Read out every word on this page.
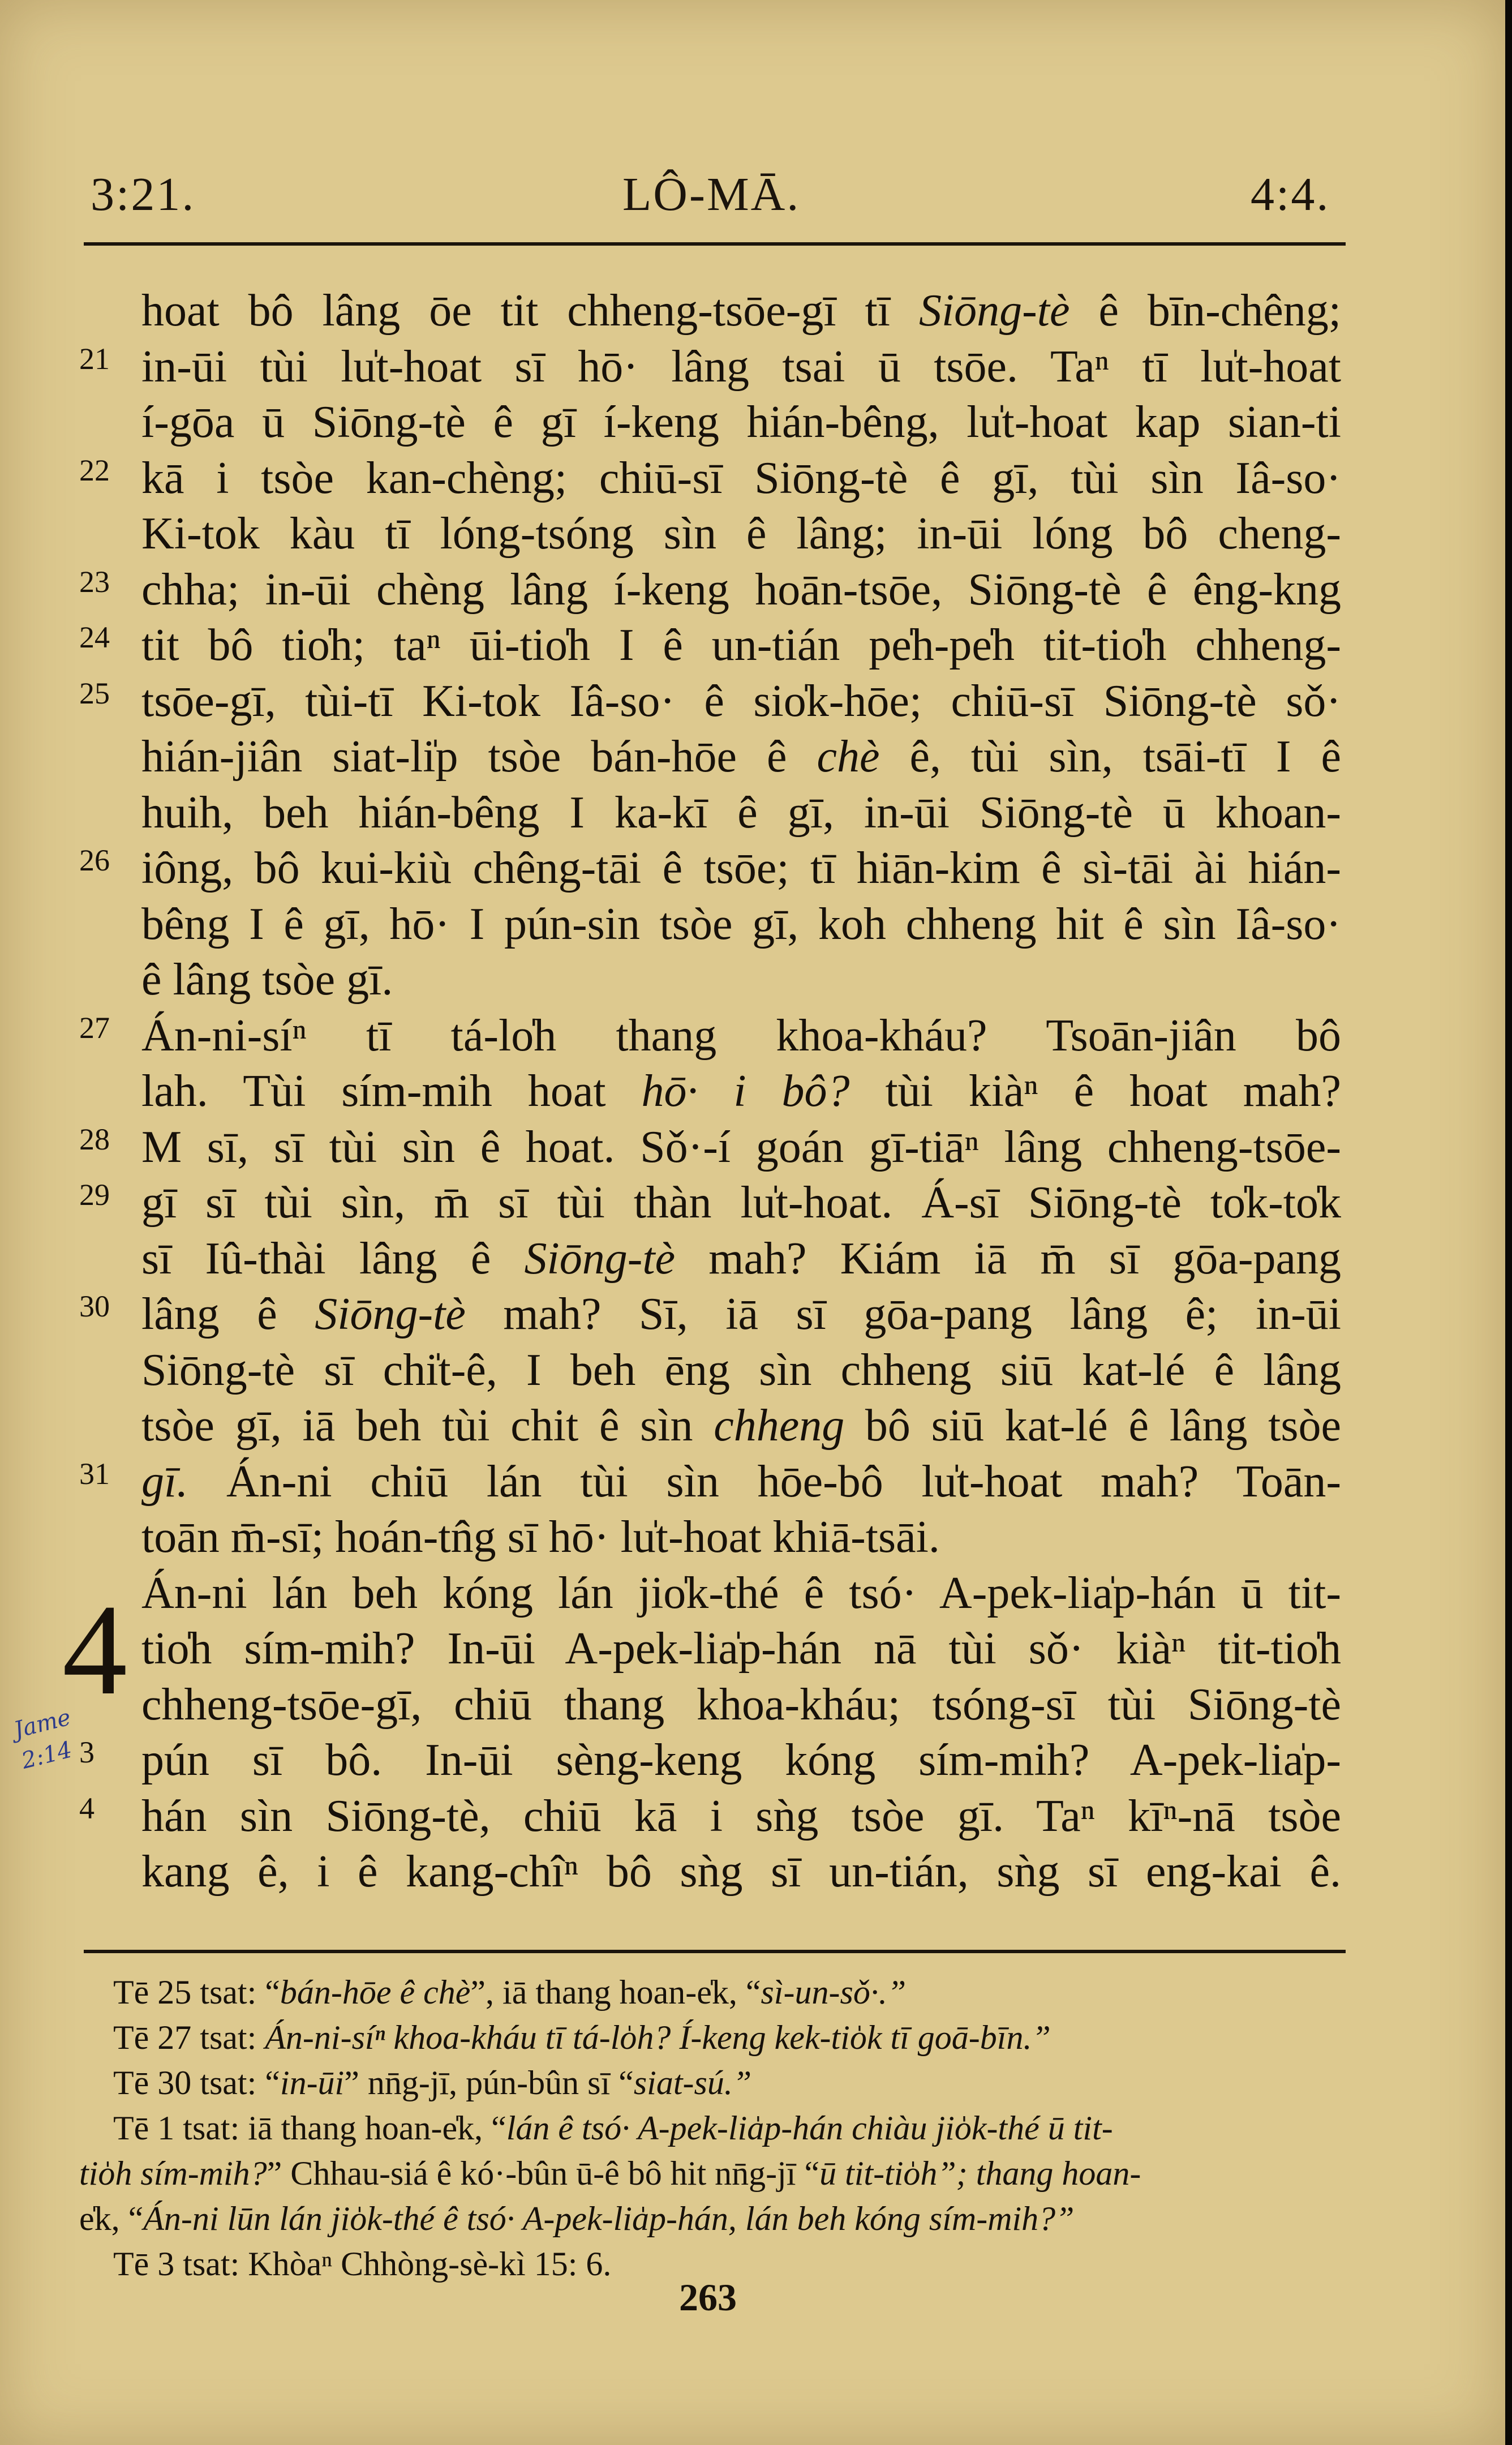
3:21.	LÔ-MĀ.	4:4.
4
Jame 2:14
hoat bô lâng ōe tit chheng-tsōe-gī tī Siōng-tè ê bīn-chêng;
21 in-ūi tùi lu̍t-hoat sī hō· lâng tsai ū tsōe. Taⁿ tī lu̍t-hoat
í-gōa ū Siōng-tè ê gī í-keng hián-bêng, lu̍t-hoat kap sian-ti
22 kā i tsòe kan-chèng; chiū-sī Siōng-tè ê gī, tùi sìn Iâ-so·
Ki-tok kàu tī lóng-tsóng sìn ê lâng; in-ūi lóng bô cheng-
23 chha; in-ūi chèng lâng í-keng hoān-tsōe, Siōng-tè ê êng-kng
24 tit bô tio̍h; taⁿ ūi-tio̍h I ê un-tián pe̍h-pe̍h tit-tio̍h chheng-
25 tsōe-gī, tùi-tī Ki-tok Iâ-so· ê sio̍k-hōe; chiū-sī Siōng-tè sǒ·
hián-jiân siat-li̍p tsòe bán-hōe ê chè ê, tùi sìn, tsāi-tī I ê
huih, beh hián-bêng I ka-kī ê gī, in-ūi Siōng-tè ū khoan-
26 iông, bô kui-kiù chêng-tāi ê tsōe; tī hiān-kim ê sì-tāi ài hián-
bêng I ê gī, hō· I pún-sin tsòe gī, koh chheng hit ê sìn Iâ-so·
ê lâng tsòe gī.
27 Án-ni-síⁿ tī tá-lo̍h thang khoa-kháu? Tsoān-jiân bô
lah. Tùi sím-mih hoat hō· i bô? tùi kiàⁿ ê hoat mah?
28 M sī, sī tùi sìn ê hoat. Sǒ·-í goán gī-tiāⁿ lâng chheng-tsōe-
29 gī sī tùi sìn, m̄ sī tùi thàn lu̍t-hoat. Á-sī Siōng-tè to̍k-to̍k
sī Iû-thài lâng ê Siōng-tè mah? Kiám iā m̄ sī gōa-pang
30 lâng ê Siōng-tè mah? Sī, iā sī gōa-pang lâng ê; in-ūi
Siōng-tè sī chi̍t-ê, I beh ēng sìn chheng siū kat-lé ê lâng
tsòe gī, iā beh tùi chit ê sìn chheng bô siū kat-lé ê lâng tsòe
31 gī. Án-ni chiū lán tùi sìn hōe-bô lu̍t-hoat mah? Toān-
toān m̄-sī; hoán-tn̂g sī hō· lu̍t-hoat khiā-tsāi.
Án-ni lán beh kóng lán jio̍k-thé ê tsó· A-pek-lia̍p-hán ū tit-
tio̍h sím-mih? In-ūi A-pek-lia̍p-hán nā tùi sǒ· kiàⁿ tit-tio̍h
chheng-tsōe-gī, chiū thang khoa-kháu; tsóng-sī tùi Siōng-tè
3 pún sī bô. In-ūi sèng-keng kóng sím-mih? A-pek-lia̍p-
4 hán sìn Siōng-tè, chiū kā i sǹg tsòe gī. Taⁿ kīⁿ-nā tsòe
kang ê, i ê kang-chîⁿ bô sǹg sī un-tián, sǹg sī eng-kai ê.
Tē 25 tsat: “bán-hōe ê chè”, iā thang hoan-e̍k, “sì-un-sǒ·.”
Tē 27 tsat: Án-ni-síⁿ khoa-kháu tī tá-lo̍h? Í-keng kek-tio̍k tī goā-bīn.”
Tē 30 tsat: “in-ūi” nn̄g-jī, pún-bûn sī “siat-sú.”
Tē 1 tsat: iā thang hoan-e̍k, “lán ê tsó· A-pek-lia̍p-hán chiàu jio̍k-thé ū tit-
tio̍h sím-mih?” Chhau-siá ê kó·-bûn ū-ê bô hit nn̄g-jī “ū tit-tio̍h”; thang hoan-
e̍k, “Án-ni lūn lán jio̍k-thé ê tsó· A-pek-lia̍p-hán, lán beh kóng sím-mih?”
Tē 3 tsat: Khòaⁿ Chhòng-sè-kì 15: 6.
263
